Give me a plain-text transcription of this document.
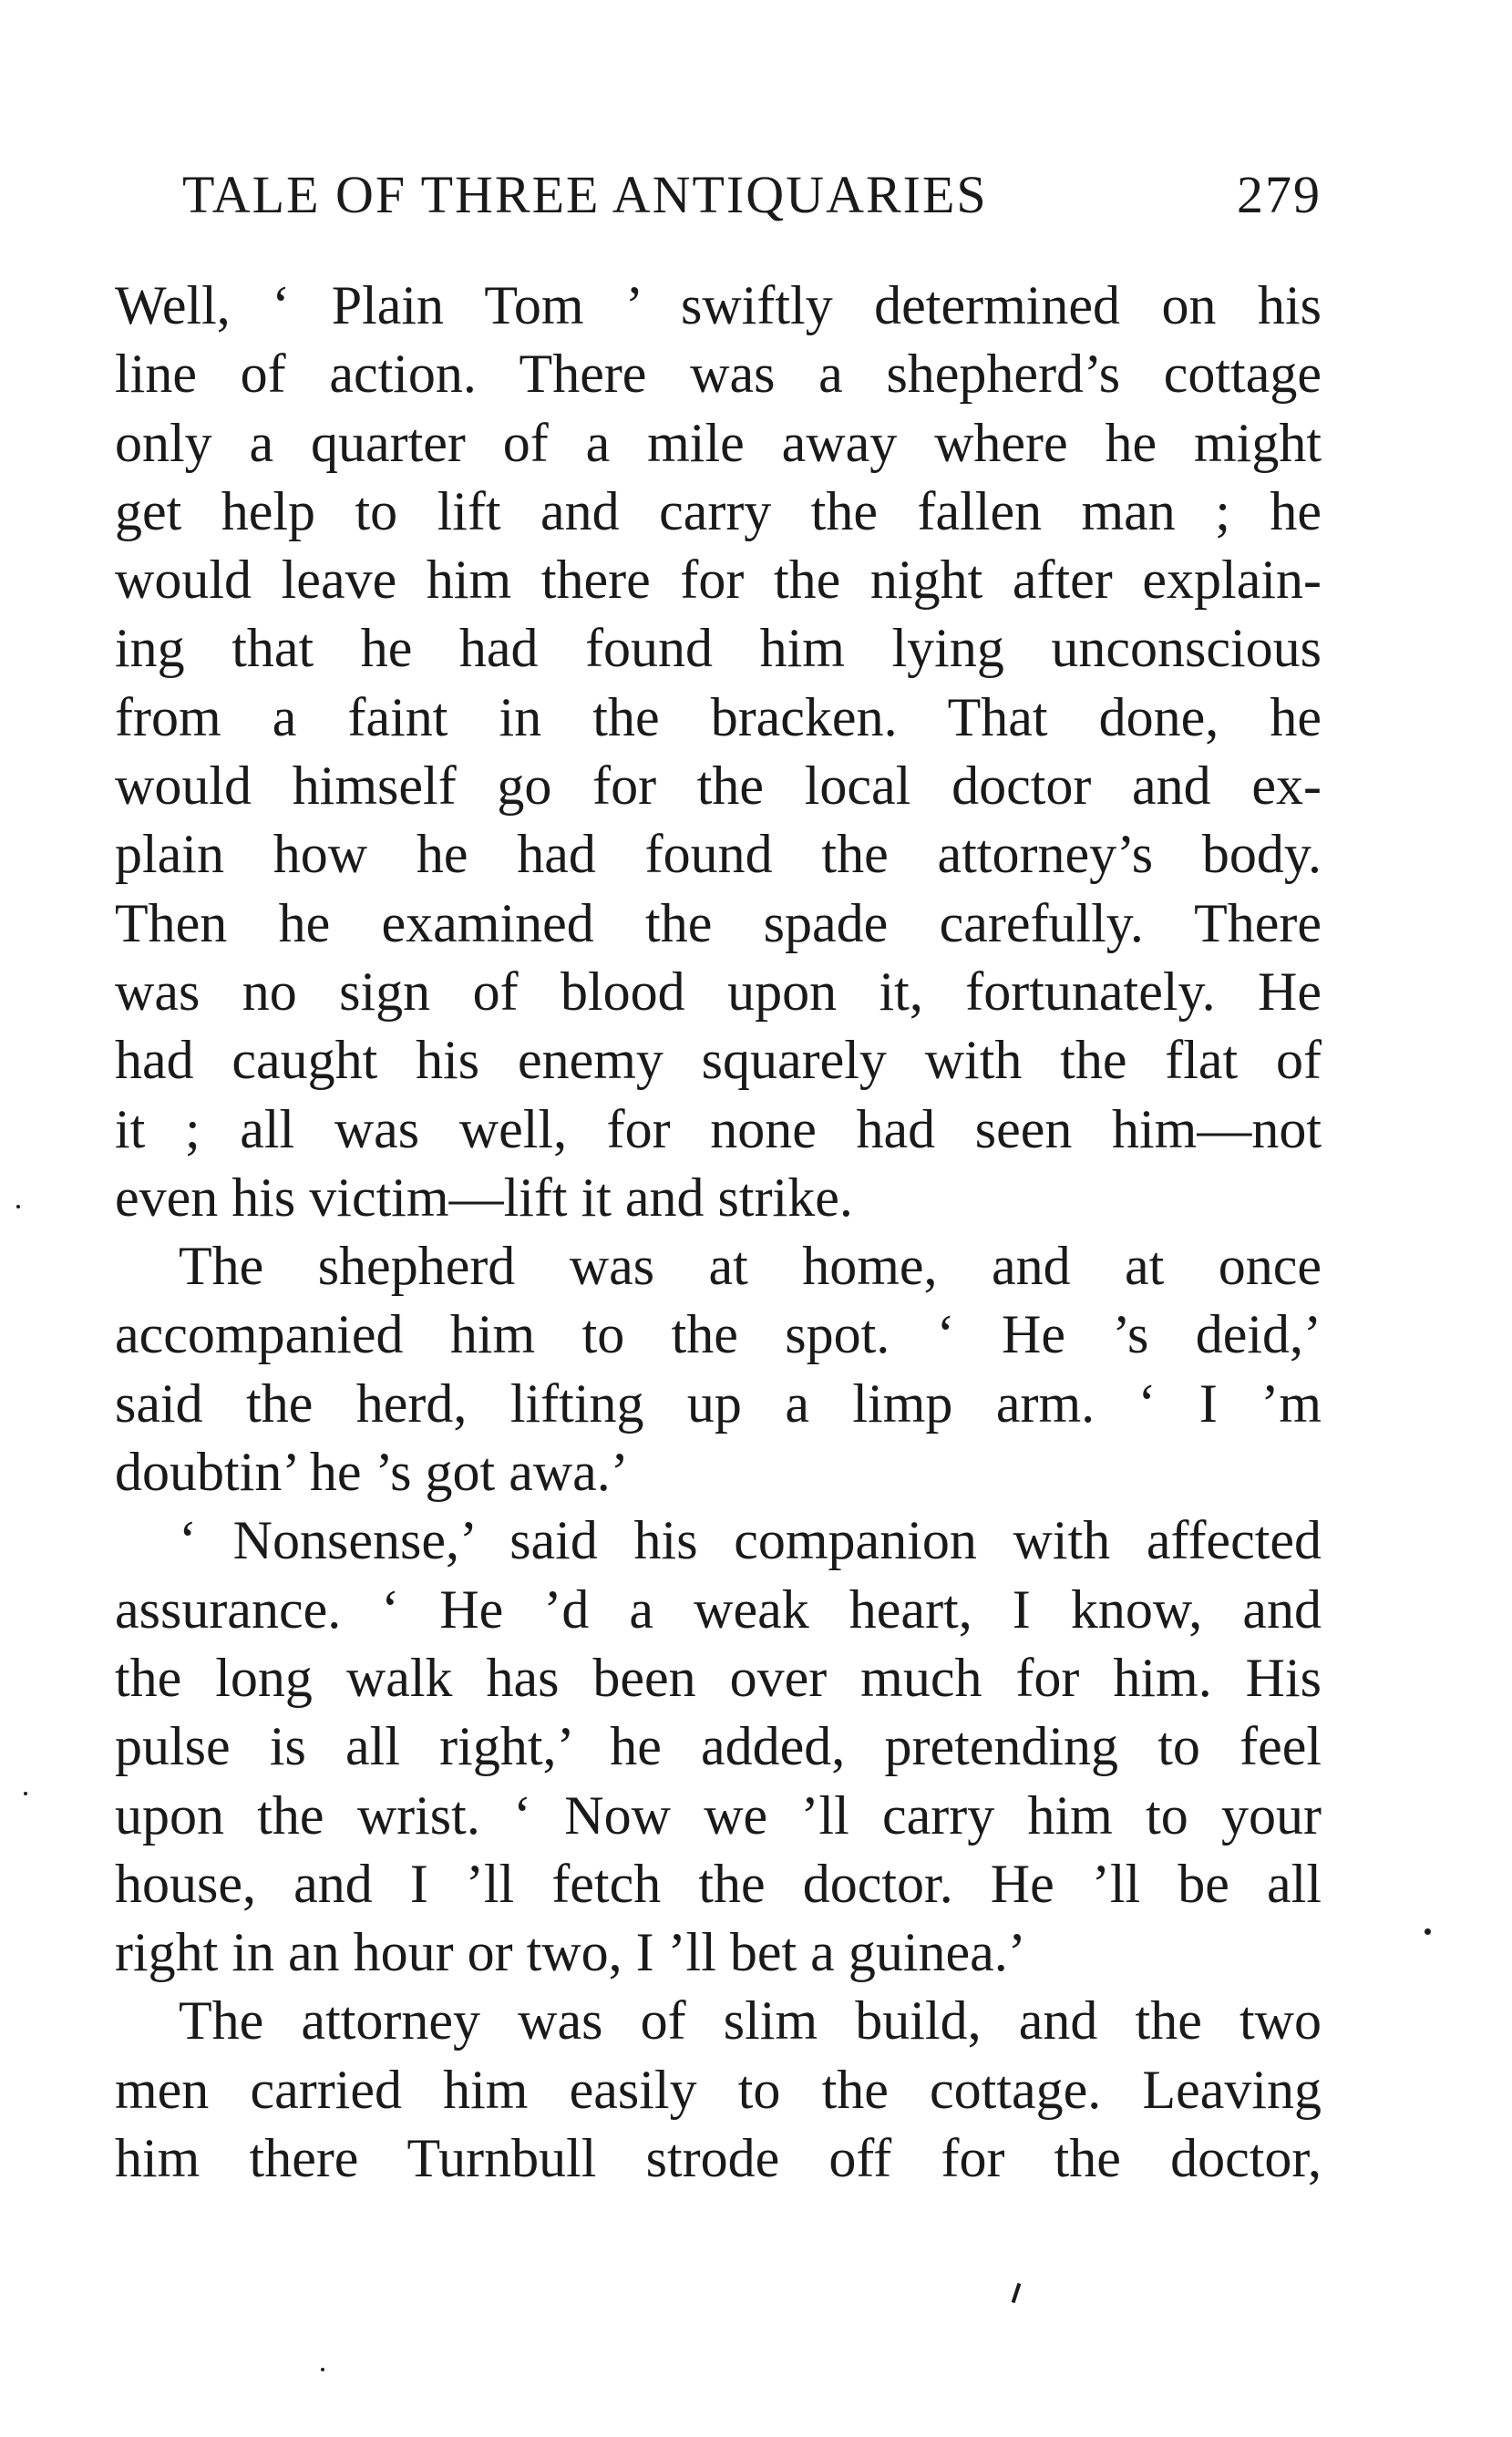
TALE OF THREE ANTIQUARIES	279
Well, ‘ Plain Tom ’ swiftly determined on his
line of action. There was a shepherd’s cottage
only a quarter of a mile away where he might
get help to lift and carry the fallen man ; he
would leave him there for the night after explain-
ing that he had found him lying unconscious
from a faint in the bracken. That done, he
would himself go for the local doctor and ex-
plain how he had found the attorney’s body.
Then he examined the spade carefully. There
was no sign of blood upon it, fortunately. He
had caught his enemy squarely with the flat of
it ; all was well, for none had seen him—not
even his victim—lift it and strike.
The shepherd was at home, and at once
accompanied him to the spot. ‘ He ’s deid,’
said the herd, lifting up a limp arm. ‘ I ’m
doubtin’ he ’s got awa.’
‘ Nonsense,’ said his companion with affected
assurance. ‘ He ’d a weak heart, I know, and
the long walk has been over much for him. His
pulse is all right,’ he added, pretending to feel
upon the wrist. ‘ Now we ’ll carry him to your
house, and I ’ll fetch the doctor. He ’ll be all
right in an hour or two, I ’ll bet a guinea.’
The attorney was of slim build, and the two
men carried him easily to the cottage. Leaving
him there Turnbull strode off for the doctor,
